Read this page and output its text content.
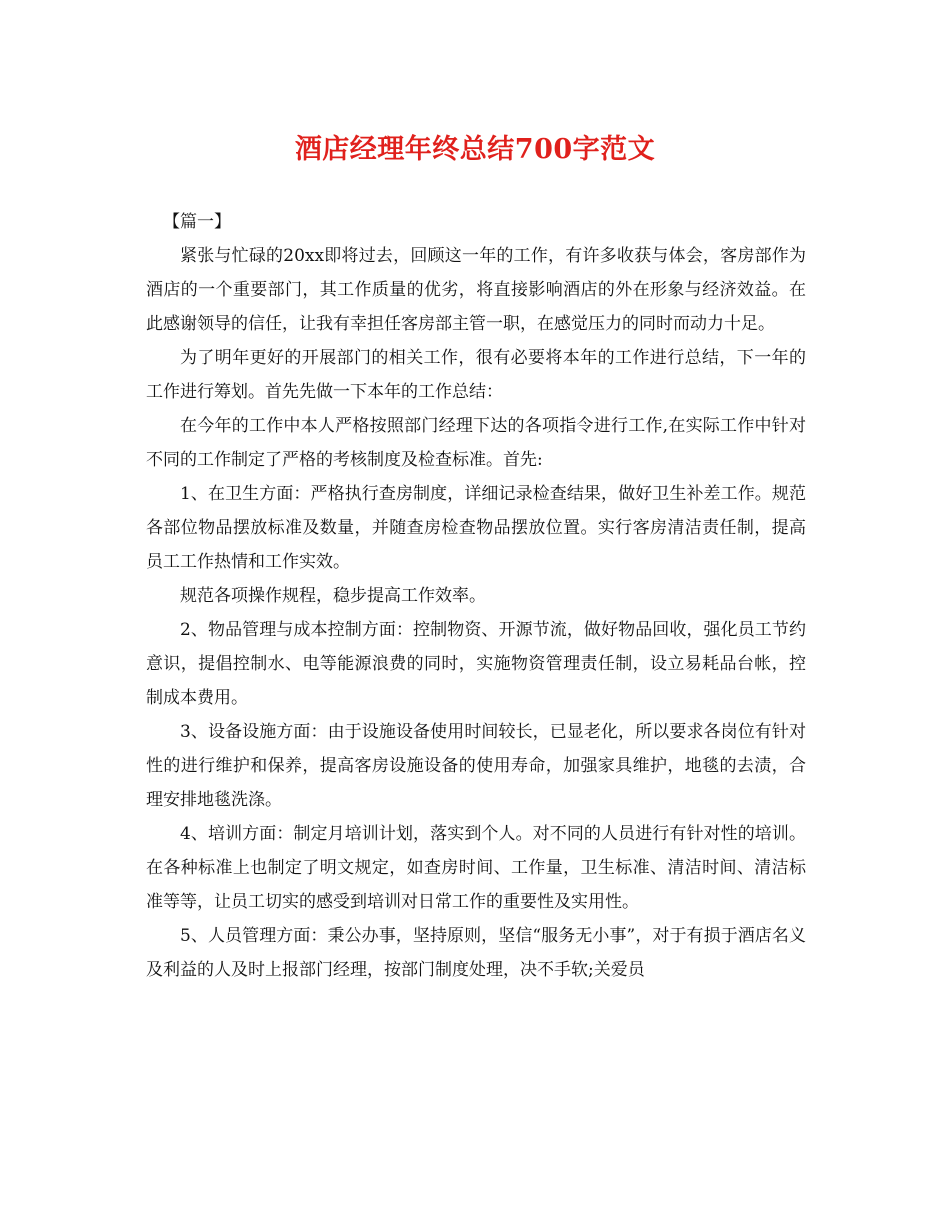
酒店经理年终总结700字范文

【篇一】

紧张与忙碌的20xx即将过去，回顾这一年的工作，有许多收获与体会，客房部作为酒店的一个重要部门，其工作质量的优劣，将直接影响酒店的外在形象与经济效益。在此感谢领导的信任，让我有幸担任客房部主管一职，在感觉压力的同时而动力十足。

为了明年更好的开展部门的相关工作，很有必要将本年的工作进行总结，下一年的工作进行筹划。首先先做一下本年的工作总结：

在今年的工作中本人严格按照部门经理下达的各项指令进行工作,在实际工作中针对不同的工作制定了严格的考核制度及检查标准。首先:

1、在卫生方面：严格执行查房制度，详细记录检查结果，做好卫生补差工作。规范各部位物品摆放标准及数量，并随查房检查物品摆放位置。实行客房清洁责任制，提高员工工作热情和工作实效。

规范各项操作规程，稳步提高工作效率。

2、物品管理与成本控制方面：控制物资、开源节流，做好物品回收，强化员工节约意识，提倡控制水、电等能源浪费的同时，实施物资管理责任制，设立易耗品台帐，控制成本费用。

3、设备设施方面：由于设施设备使用时间较长，已显老化，所以要求各岗位有针对性的进行维护和保养，提高客房设施设备的使用寿命，加强家具维护，地毯的去渍，合理安排地毯洗涤。

4、培训方面：制定月培训计划，落实到个人。对不同的人员进行有针对性的培训。在各种标准上也制定了明文规定，如查房时间、工作量，卫生标准、清洁时间、清洁标准等等，让员工切实的感受到培训对日常工作的重要性及实用性。

5、人员管理方面：秉公办事，坚持原则，坚信“服务无小事”，对于有损于酒店名义及利益的人及时上报部门经理，按部门制度处理，决不手软;关爱员
